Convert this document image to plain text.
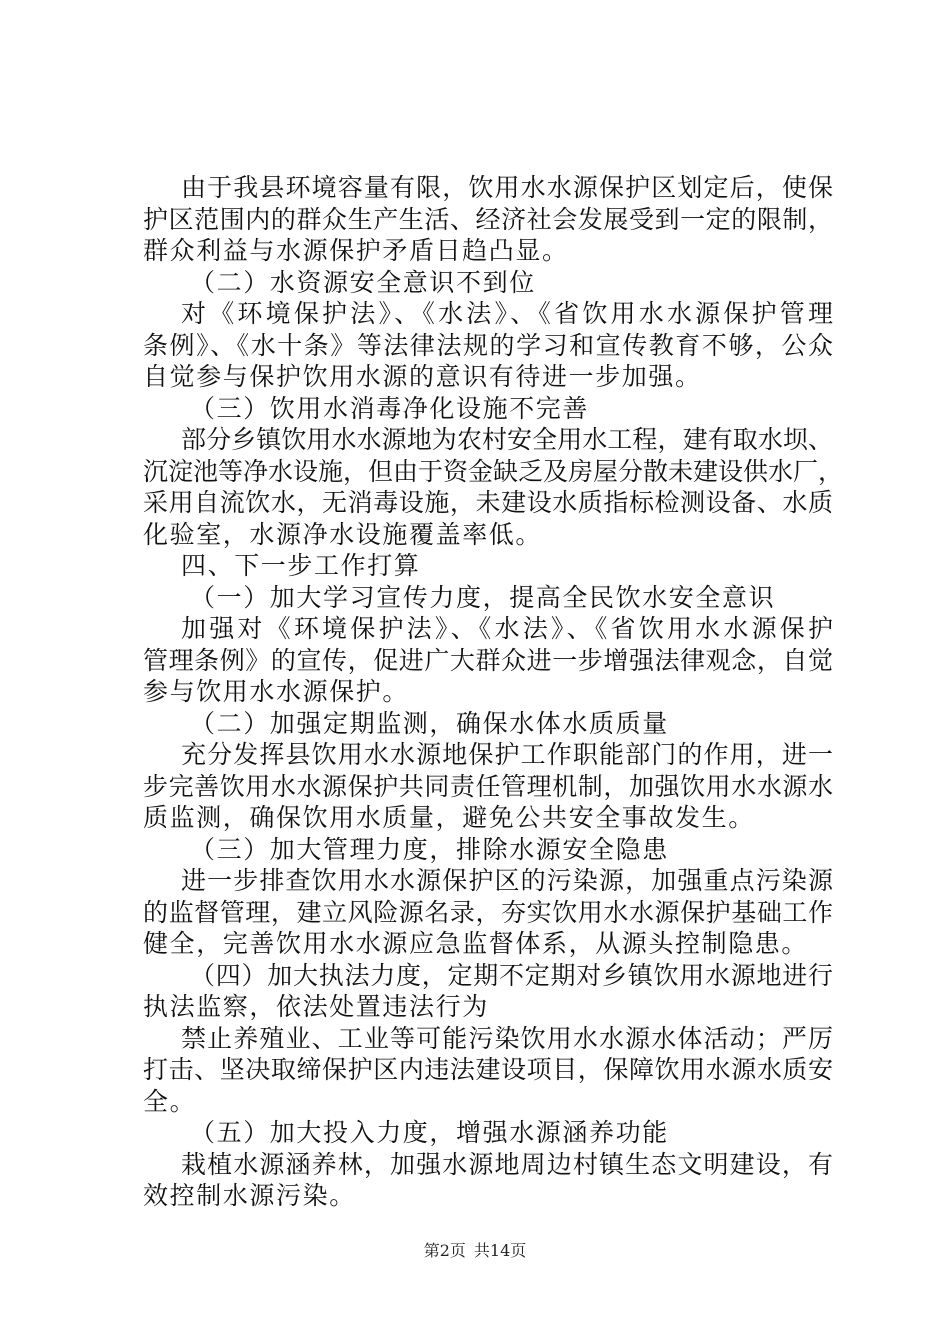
由于我县环境容量有限，饮用水水源保护区划定后，使保
护区范围内的群众生产生活、经济社会发展受到一定的限制，
群众利益与水源保护矛盾日趋凸显。
（二）水资源安全意识不到位
对《环境保护法》、《水法》、《省饮用水水源保护管理
条例》、《水十条》等法律法规的学习和宣传教育不够，公众
自觉参与保护饮用水源的意识有待进一步加强。
（三）饮用水消毒净化设施不完善
部分乡镇饮用水水源地为农村安全用水工程，建有取水坝、
沉淀池等净水设施，但由于资金缺乏及房屋分散未建设供水厂，
采用自流饮水，无消毒设施，未建设水质指标检测设备、水质
化验室，水源净水设施覆盖率低。
四、下一步工作打算
（一）加大学习宣传力度，提高全民饮水安全意识
加强对《环境保护法》、《水法》、《省饮用水水源保护
管理条例》的宣传，促进广大群众进一步增强法律观念，自觉
参与饮用水水源保护。
（二）加强定期监测，确保水体水质质量
充分发挥县饮用水水源地保护工作职能部门的作用，进一
步完善饮用水水源保护共同责任管理机制，加强饮用水水源水
质监测，确保饮用水质量，避免公共安全事故发生。
（三）加大管理力度，排除水源安全隐患
进一步排查饮用水水源保护区的污染源，加强重点污染源
的监督管理，建立风险源名录，夯实饮用水水源保护基础工作
健全，完善饮用水水源应急监督体系，从源头控制隐患。
（四）加大执法力度，定期不定期对乡镇饮用水源地进行
执法监察，依法处置违法行为
禁止养殖业、工业等可能污染饮用水水源水体活动；严厉
打击、坚决取缔保护区内违法建设项目，保障饮用水源水质安
全。
（五）加大投入力度，增强水源涵养功能
栽植水源涵养林，加强水源地周边村镇生态文明建设，有
效控制水源污染。
第2页 共14页
